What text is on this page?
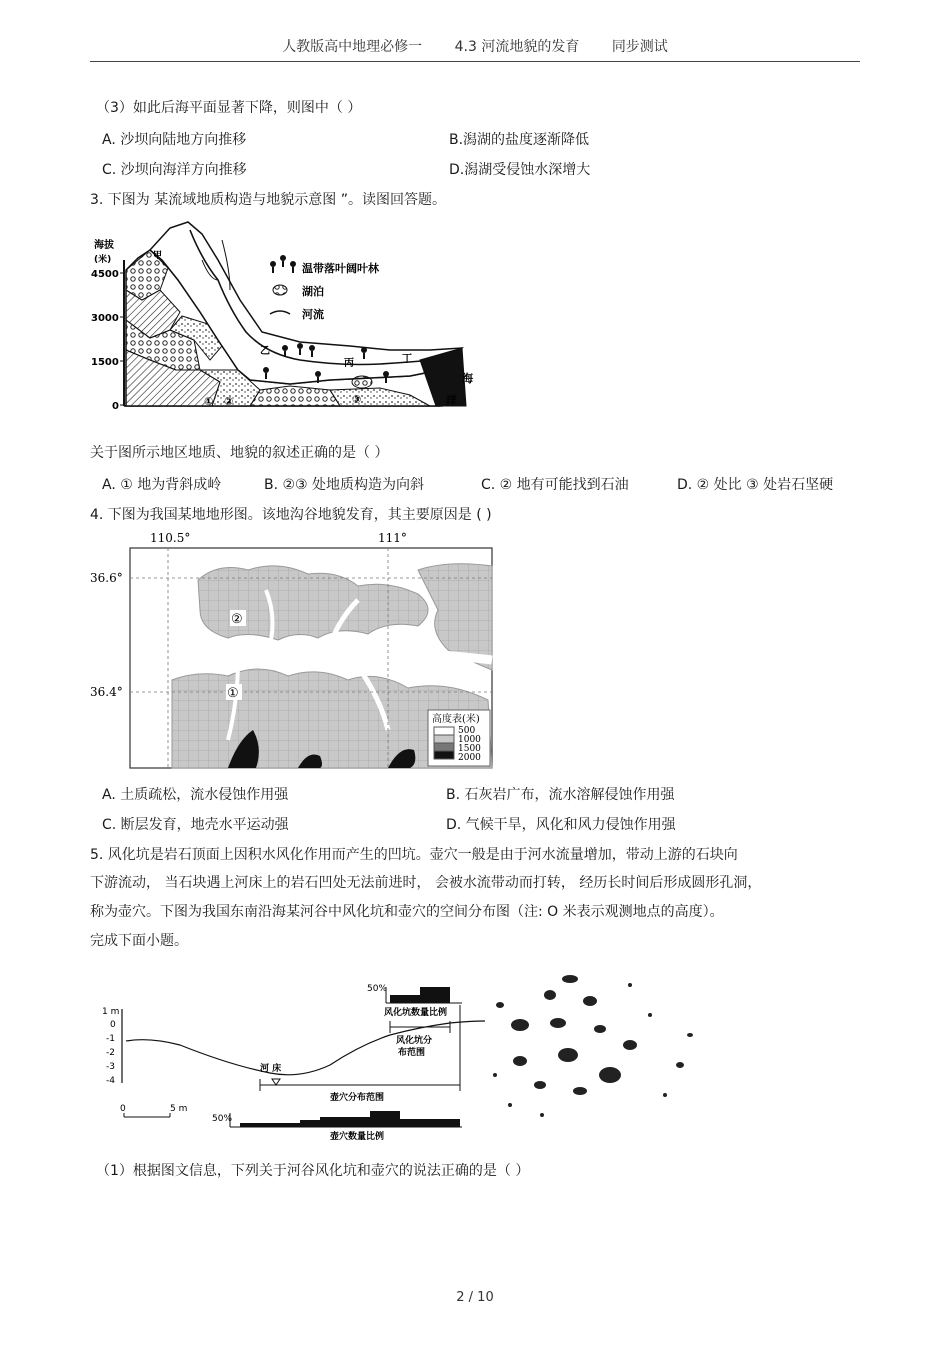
人教版高中地理必修一 4.3 河流地貌的发育 同步测试
（3）如此后海平面显著下降，则图中（ ）
A. 沙坝向陆地方向推移	B.潟湖的盐度逐渐降低
C. 沙坝向海洋方向推移	D.潟湖受侵蚀水深增大
3. 下图为 某流域地质构造与地貌示意图 ”。读图回答题。
海拔
(米)
4500
3000
1500
0
温带落叶阔叶林
湖泊
河流
甲
乙
丙	丁
① ②	③
海
洋
关于图所示地区地质、地貌的叙述正确的是（ ）
A. ① 地为背斜成岭	B. ②③ 处地质构造为向斜	C. ② 地有可能找到石油	D. ② 处比 ③ 处岩石坚硬
4. 下图为我国某地地形图。该地沟谷地貌发育，其主要原因是 ( )
110.5°	111°
36.6°
36.4°
②
①
高度表(米)
500
1000
1500
2000
A. 土质疏松，流水侵蚀作用强	B. 石灰岩广布，流水溶解侵蚀作用强
C. 断层发育，地壳水平运动强	D. 气候干旱，风化和风力侵蚀作用强
5. 风化坑是岩石顶面上因积水风化作用而产生的凹坑。壶穴一般是由于河水流量增加，带动上游的石块向
下游流动， 当石块遇上河床上的岩石凹处无法前进时， 会被水流带动而打转， 经历长时间后形成圆形孔洞，
称为壶穴。下图为我国东南沿海某河谷中风化坑和壶穴的空间分布图（注: O 米表示观测地点的高度）。
完成下面小题。
1 m
0
-1
-2
-3
-4
河 床
壶穴分布范围
风化坑分
布范围
50%
风化坑数量比例
0	5 m
50%
壶穴数量比例
（1）根据图文信息，下列关于河谷风化坑和壶穴的说法正确的是（ ）
2 / 10
